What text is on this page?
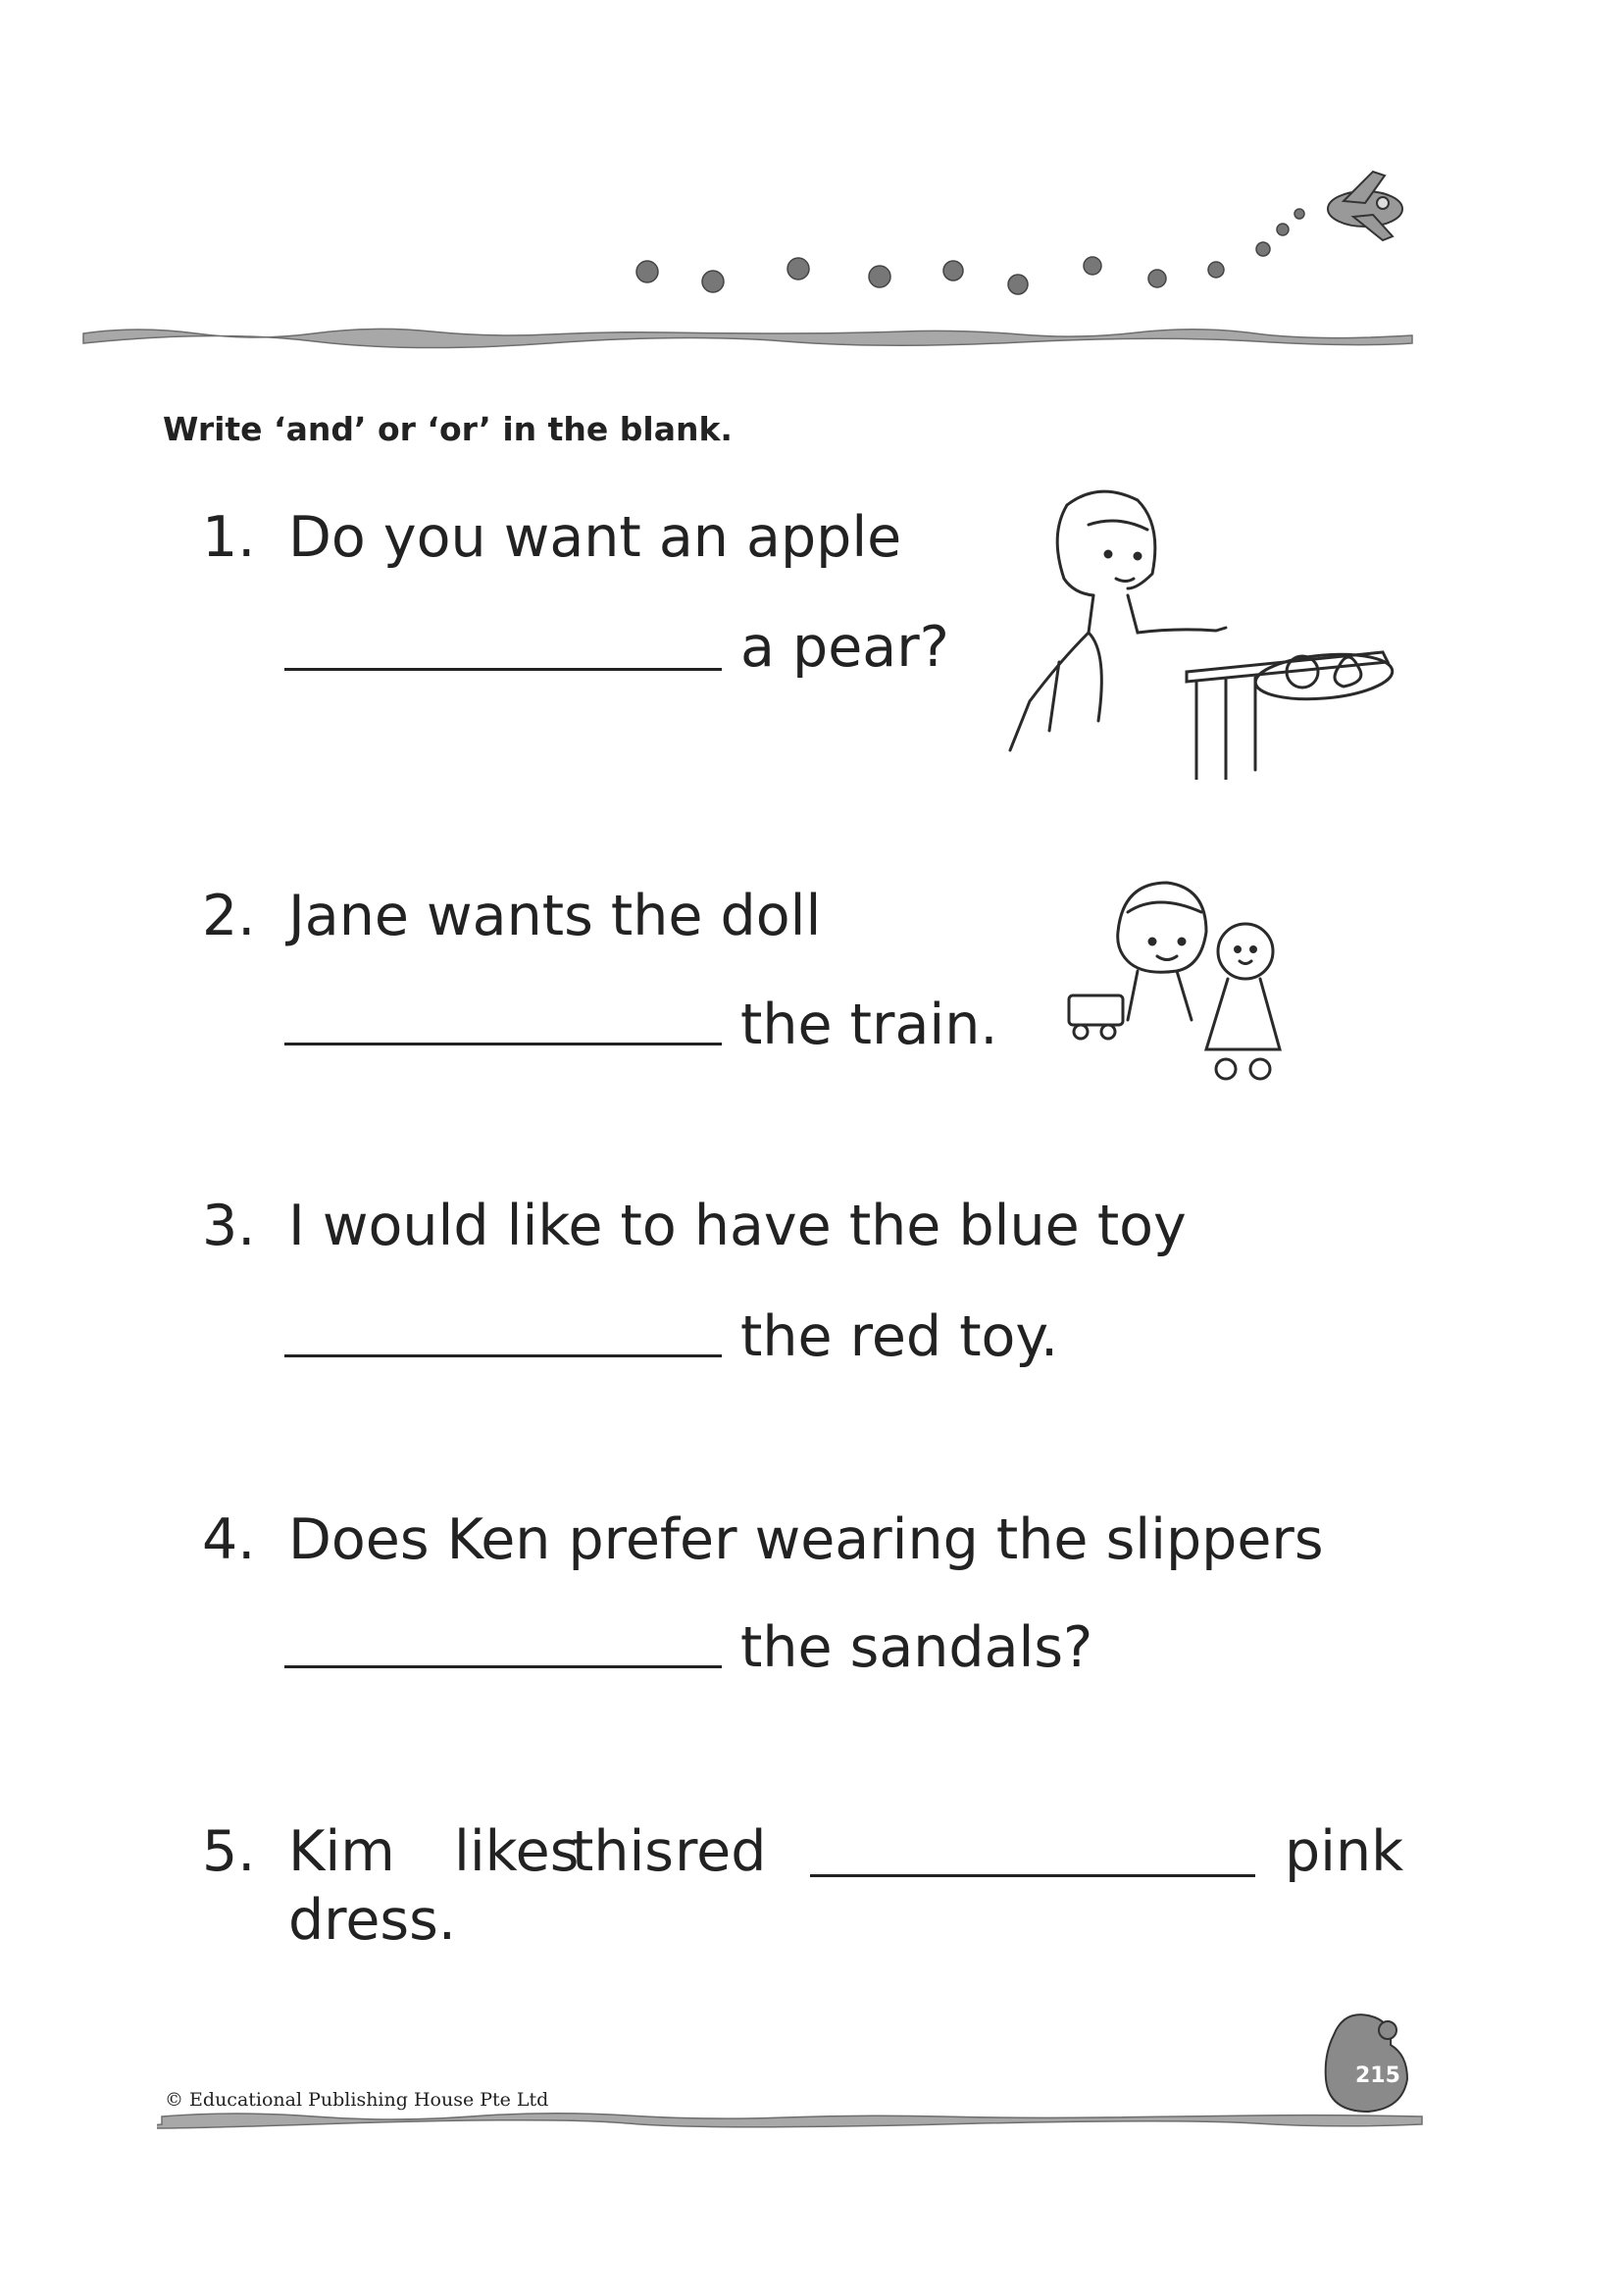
Write ‘and’ or ‘or’ in the blank.
1. Do you want an apple
a pear?
2. Jane wants the doll
the train.
3. I would like to have the blue toy
the red toy.
4. Does Ken prefer wearing the slippers
the sandals?
5. Kim likes
this red	pink
dress.
© Educational Publishing House Pte Ltd
215
